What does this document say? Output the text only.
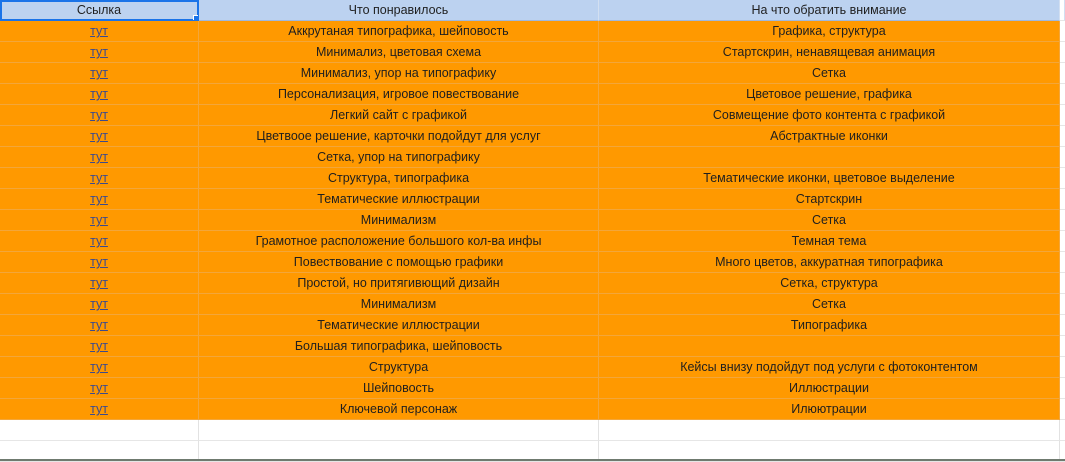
Ссылка	Что понравилось	На что обратить внимание
тут	Аккрутаная типографика, шейповость	Графика, структура
тут	Минимализ, цветовая схема	Стартскрин, ненавящевая анимация
тут	Минимализ, упор на типографику	Сетка
тут	Персонализация, игровое повествование	Цветовое решение, графика
тут	Легкий сайт с графикой	Совмещение фото контента с графикой
тут	Цветвоое решение, карточки подойдут для услуг	Абстрактные иконки
тут	Сетка, упор на типографику
тут	Структура, типографика	Тематические иконки, цветовое выделение
тут	Тематические иллюстрации	Стартскрин
тут	Минимализм	Сетка
тут	Грамотное расположение большого кол-ва инфы	Темная тема
тут	Повествование с помощью графики	Много цветов, аккуратная типографика
тут	Простой, но притягивющий дизайн	Сетка, структура
тут	Минимализм	Сетка
тут	Тематические иллюстрации	Типографика
тут	Большая типографика, шейповость
тут	Структура	Кейсы внизу подойдут под услуги с фотоконтентом
тут	Шейповость	Иллюстрации
тут	Ключевой персонаж	Илюютрации
